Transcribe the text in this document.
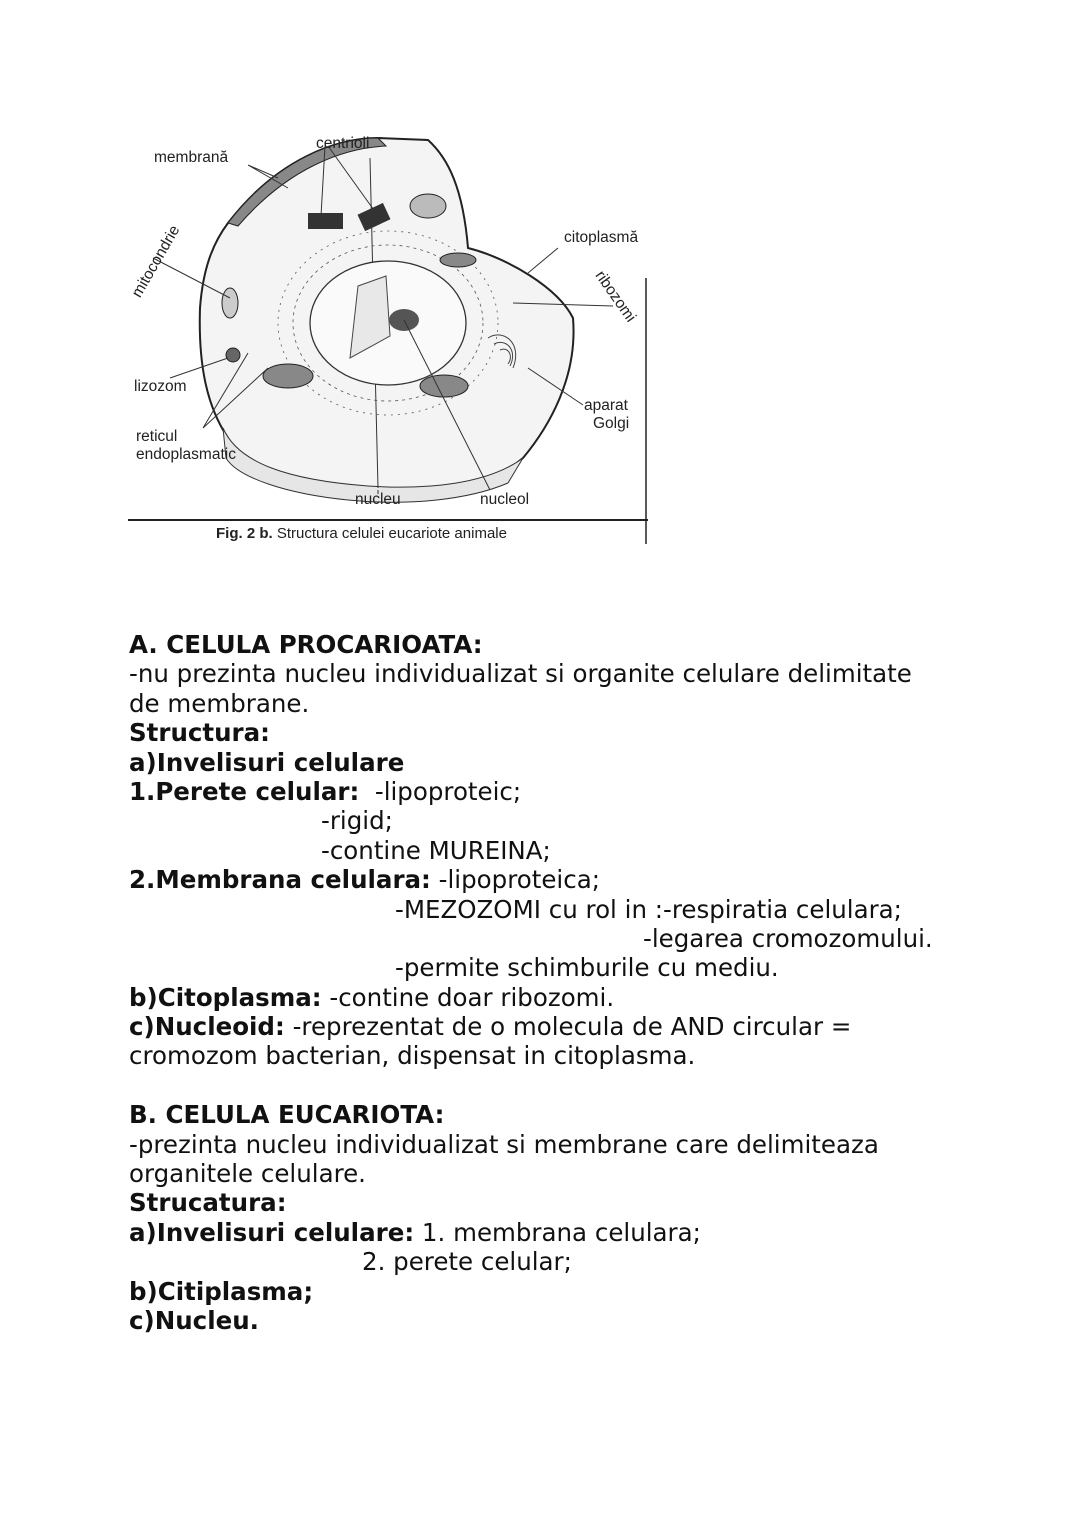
membrană
centrioli
citoplasmă
mitocondrie	ribozomi
lizozom
reticul
endoplasmatic
aparat
Golgi
nucleu	nucleol
Fig. 2 b. Structura celulei eucariote animale
A. CELULA PROCARIOATA:
-nu prezinta nucleu individualizat si organite celulare delimitate
de membrane.
Structura:
a)Invelisuri celulare
1.Perete celular:  -lipoproteic;
-rigid;
-contine MUREINA;
2.Membrana celulara: -lipoproteica;
-MEZOZOMI cu rol in :-respiratia celulara;
-legarea cromozomului.
-permite schimburile cu mediu.
b)Citoplasma: -contine doar ribozomi.
c)Nucleoid: -reprezentat de o molecula de AND circular =
cromozom bacterian, dispensat in citoplasma.
B. CELULA EUCARIOTA:
-prezinta nucleu individualizat si membrane care delimiteaza
organitele celulare.
Strucatura:
a)Invelisuri celulare: 1. membrana celulara;
2. perete celular;
b)Citiplasma;
c)Nucleu.
